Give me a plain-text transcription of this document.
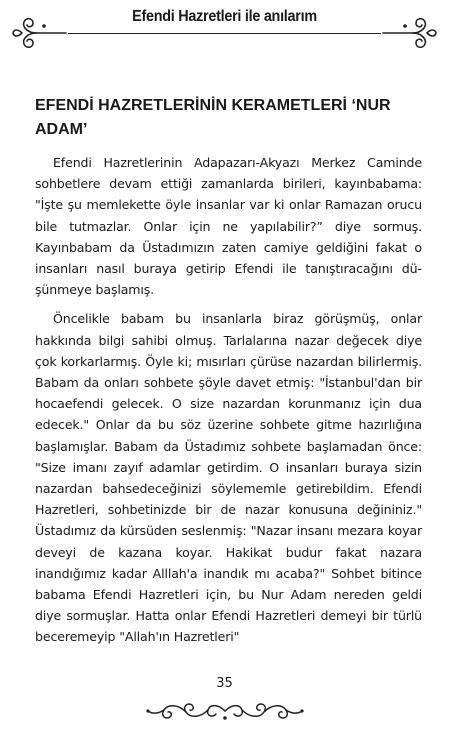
Efendi Hazretleri ile anılarım
EFENDİ HAZRETLERİNİN KERAMETLERİ ‘NUR ADAM’

Efendi Hazretlerinin Adapazarı-Akyazı Merkez Caminde sohbetlere devam ettiği zamanlarda birileri, kayınbabama: "İşte şu memlekette öyle insanlar var ki onlar Ramazan orucu bile tutmazlar. Onlar için ne yapılabilir?” diye sormuş. Kayınbabam da Üstadımızın zaten camiye geldiğini fakat o insanları nasıl buraya getirip Efendi ile tanıştıracağını düşünmeye başlamış.

Öncelikle babam bu insanlarla biraz görüşmüş, onlar hakkında bilgi sahibi olmuş. Tarlalarına nazar değecek diye çok korkarlarmış. Öyle ki; mısırları çürüse nazardan bilirlermiş. Babam da onları sohbete şöyle davet etmiş: "İstanbul'dan bir hocaefendi gelecek. O size nazardan korunmanız için dua edecek." Onlar da bu söz üzerine sohbete gitme hazırlığına başlamışlar. Babam da Üstadımız sohbete başlamadan önce: "Size imanı zayıf adamlar getirdim. O insanları buraya sizin nazardan bahsedeceğinizi söylememle getirebildim. Efendi Hazretleri, sohbetinizde bir de nazar konusuna değininiz." Üstadımız da kürsüden seslenmiş: "Nazar insanı mezara koyar deveyi de kazana koyar. Hakikat budur fakat nazara inandığımız kadar Alllah'a inandık mı acaba?" Sohbet bitince babama Efendi Hazretleri için, bu Nur Adam nereden geldi diye sormuşlar. Hatta onlar Efendi Hazretleri demeyi bir türlü beceremeyip "Allah'ın Hazretleri"

35
